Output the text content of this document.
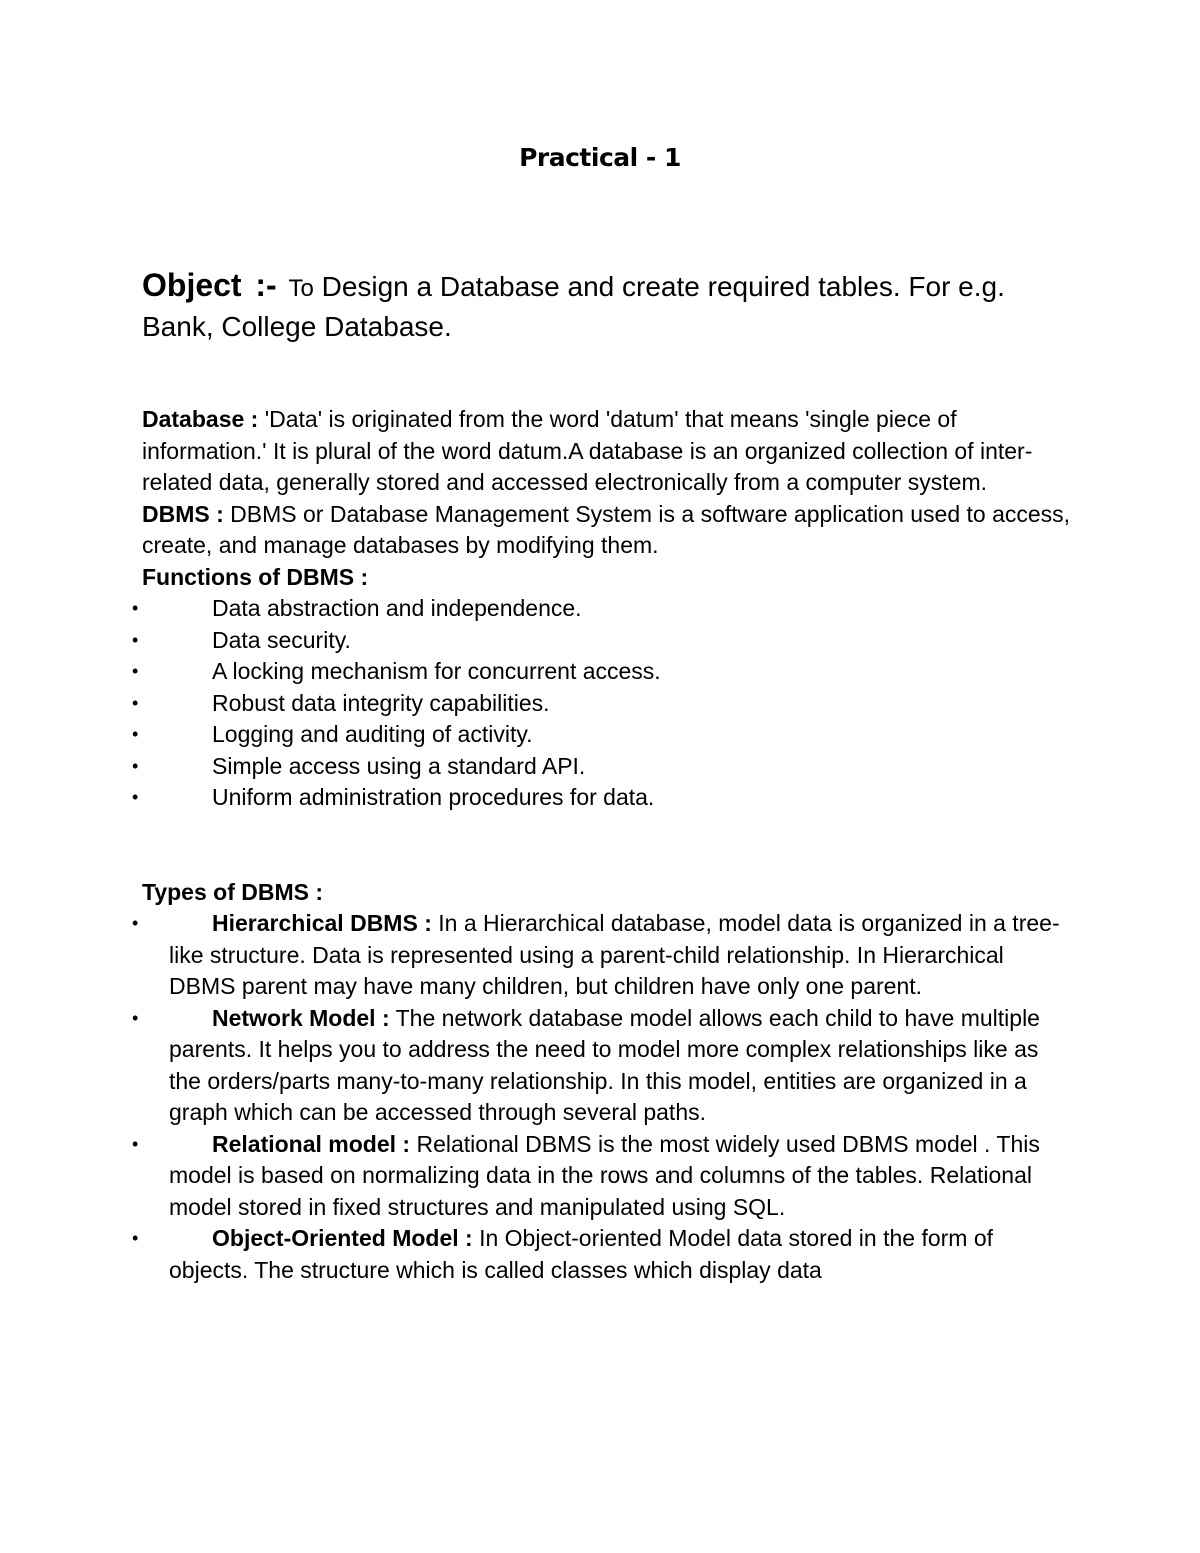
Practical - 1
Object :- To Design a Database and create required tables. For e.g. Bank, College Database.

Database : 'Data' is originated from the word 'datum' that means 'single piece of information.' It is plural of the word datum.A database is an organized collection of inter-related data, generally stored and accessed electronically from a computer system.

DBMS : DBMS or Database Management System is a software application used to access, create, and manage databases by modifying them.

Functions of DBMS :

•	Data abstraction and independence.
•	Data security.
•	A locking mechanism for concurrent access.
•	Robust data integrity capabilities.
•	Logging and auditing of activity.
•	Simple access using a standard API.
•	Uniform administration procedures for data.

Types of DBMS :

•	Hierarchical DBMS : In a Hierarchical database, model data is organized in a tree-like structure. Data is represented using a parent-child relationship. In Hierarchical DBMS parent may have many children, but children have only one parent.
•	Network Model : The network database model allows each child to have multiple parents. It helps you to address the need to model more complex relationships like as the orders/parts many-to-many relationship. In this model, entities are organized in a graph which can be accessed through several paths.
•	Relational model : Relational DBMS is the most widely used DBMS model . This model is based on normalizing data in the rows and columns of the tables. Relational model stored in fixed structures and manipulated using SQL.
•	Object-Oriented Model : In Object-oriented Model data stored in the form of objects. The structure which is called classes which display data
